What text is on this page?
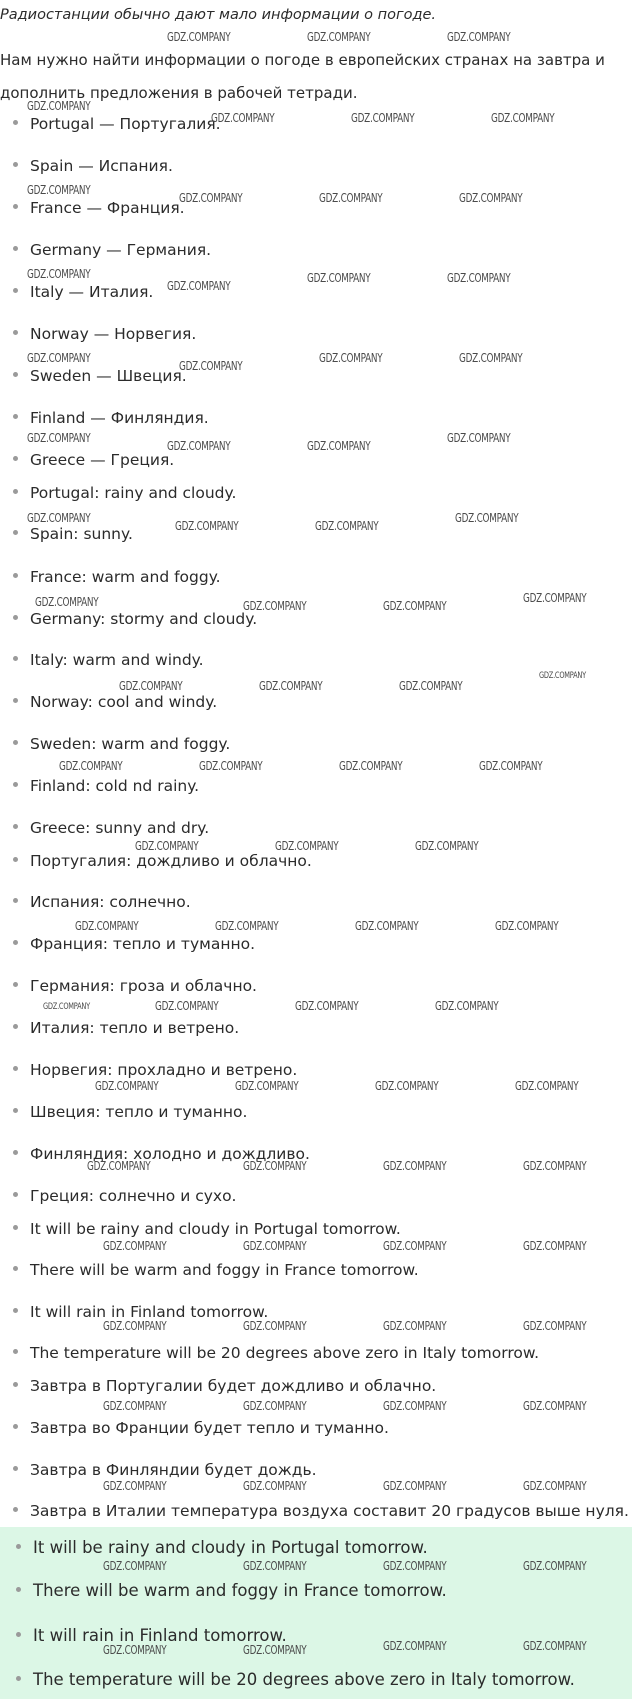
Радиостанции обычно дают мало информации о погоде.
Нам нужно найти информации о погоде в европейских странах на завтра и дополнить предложения в рабочей тетради.
Portugal — Португалия.
Spain — Испания.
France — Франция.
Germany — Германия.
Italy — Италия.
Norway — Норвегия.
Sweden — Швеция.
Finland — Финляндия.
Greece — Греция.
Portugal: rainy and cloudy.
Spain: sunny.
France: warm and foggy.
Germany: stormy and cloudy.
Italy: warm and windy.
Norway: cool and windy.
Sweden: warm and foggy.
Finland: cold nd rainy.
Greece: sunny and dry.
Португалия: дождливо и облачно.
Испания: солнечно.
Франция: тепло и туманно.
Германия: гроза и облачно.
Италия: тепло и ветрено.
Норвегия: прохладно и ветрено.
Швеция: тепло и туманно.
Финляндия: холодно и дождливо.
Греция: солнечно и сухо.
It will be rainy and cloudy in Portugal tomorrow.
There will be warm and foggy in France tomorrow.
It will rain in Finland tomorrow.
The temperature will be 20 degrees above zero in Italy tomorrow.
Завтра в Португалии будет дождливо и облачно.
Завтра во Франции будет тепло и туманно.
Завтра в Финляндии будет дождь.
Завтра в Италии температура воздуха составит 20 градусов выше нуля.
It will be rainy and cloudy in Portugal tomorrow.
There will be warm and foggy in France tomorrow.
It will rain in Finland tomorrow.
The temperature will be 20 degrees above zero in Italy tomorrow.
GDZ.COMPANY	GDZ.COMPANY	GDZ.COMPANY
GDZ.COMPANY
GDZ.COMPANY	GDZ.COMPANY	GDZ.COMPANY
GDZ.COMPANY
GDZ.COMPANY	GDZ.COMPANY	GDZ.COMPANY
GDZ.COMPANY
GDZ.COMPANY
GDZ.COMPANY	GDZ.COMPANY
GDZ.COMPANY
GDZ.COMPANY
GDZ.COMPANY	GDZ.COMPANY
GDZ.COMPANY
GDZ.COMPANY	GDZ.COMPANY
GDZ.COMPANY
GDZ.COMPANY
GDZ.COMPANY	GDZ.COMPANY
GDZ.COMPANY
GDZ.COMPANY	GDZ.COMPANY	GDZ.COMPANY
GDZ.COMPANY
GDZ.COMPANY	GDZ.COMPANY	GDZ.COMPANY
GDZ.COMPANY
GDZ.COMPANY	GDZ.COMPANY	GDZ.COMPANY	GDZ.COMPANY
GDZ.COMPANY	GDZ.COMPANY	GDZ.COMPANY
GDZ.COMPANY	GDZ.COMPANY	GDZ.COMPANY	GDZ.COMPANY
GDZ.COMPANY	GDZ.COMPANY	GDZ.COMPANY	GDZ.COMPANY
GDZ.COMPANY	GDZ.COMPANY	GDZ.COMPANY	GDZ.COMPANY
GDZ.COMPANY	GDZ.COMPANY	GDZ.COMPANY	GDZ.COMPANY
GDZ.COMPANY	GDZ.COMPANY	GDZ.COMPANY	GDZ.COMPANY
GDZ.COMPANY	GDZ.COMPANY	GDZ.COMPANY	GDZ.COMPANY
GDZ.COMPANY	GDZ.COMPANY	GDZ.COMPANY	GDZ.COMPANY
GDZ.COMPANY	GDZ.COMPANY	GDZ.COMPANY	GDZ.COMPANY
GDZ.COMPANY	GDZ.COMPANY	GDZ.COMPANY	GDZ.COMPANY
GDZ.COMPANY	GDZ.COMPANY	GDZ.COMPANY	GDZ.COMPANY
